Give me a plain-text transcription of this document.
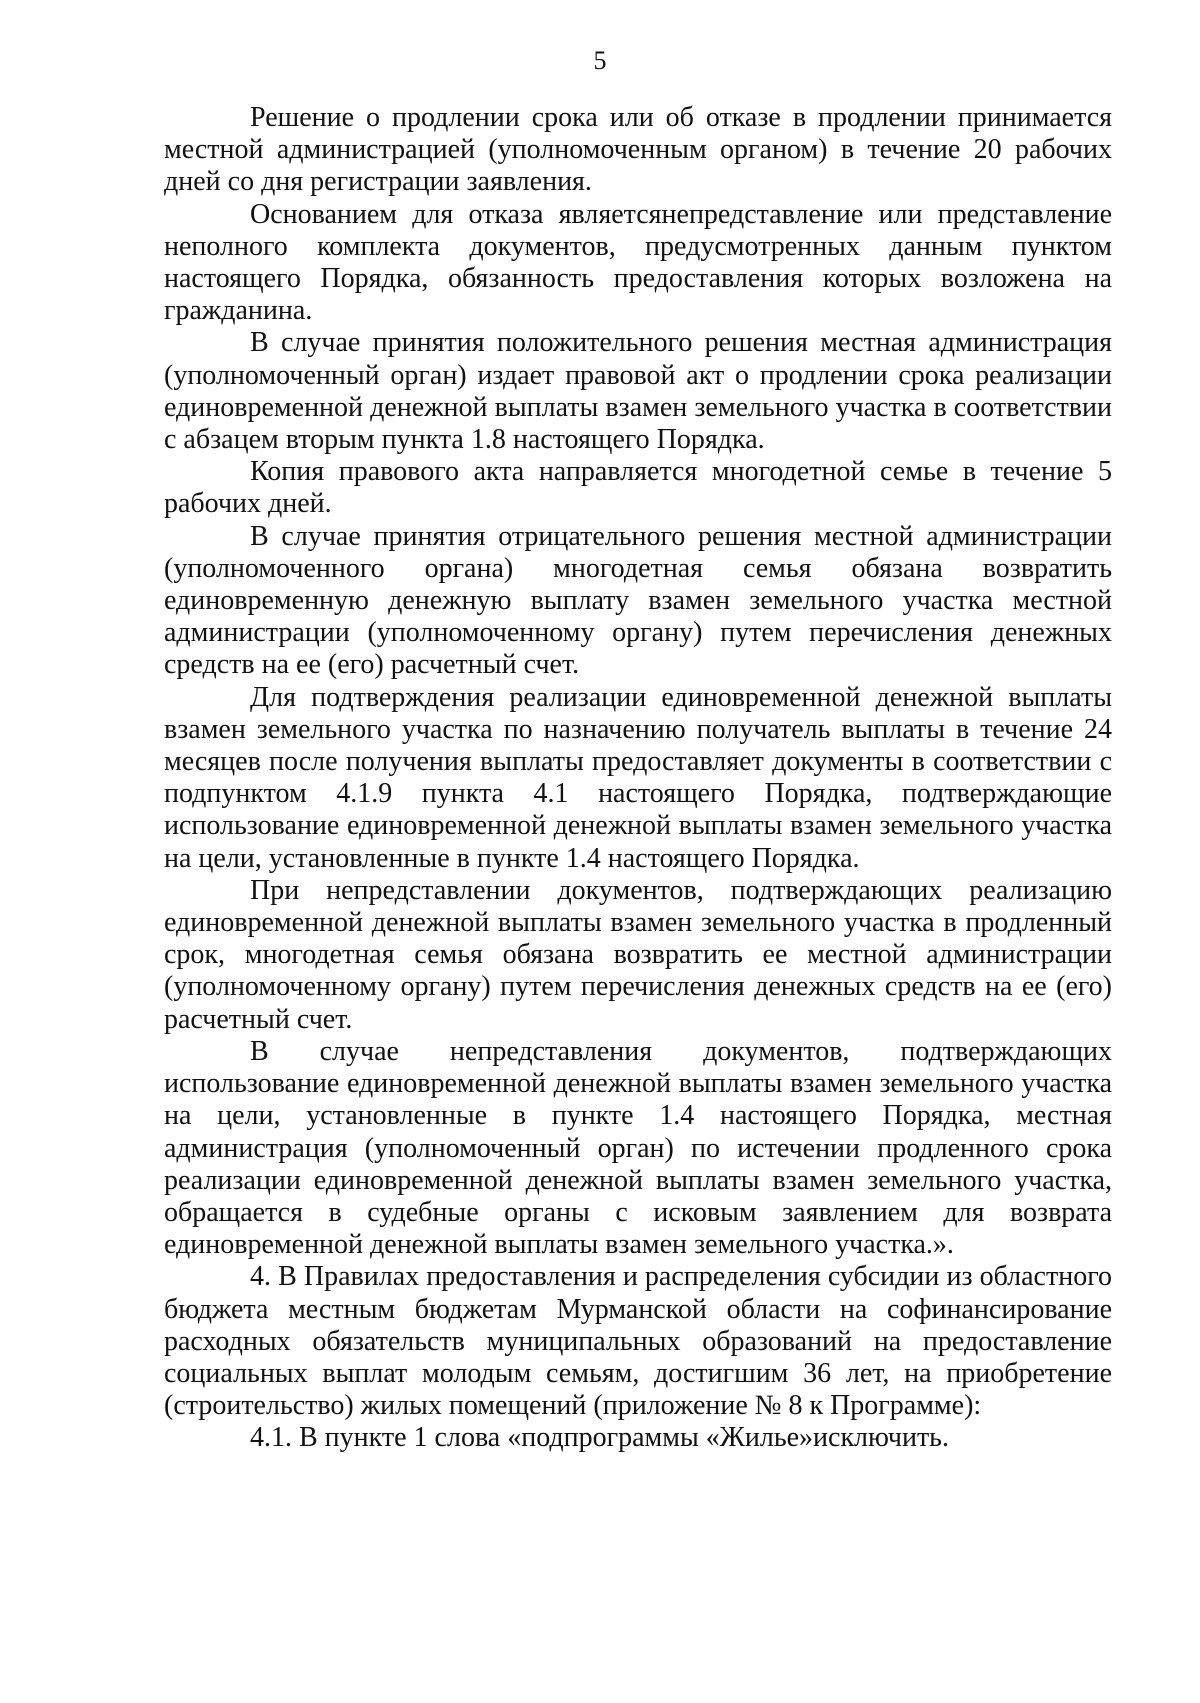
5

Решение о продлении срока или об отказе в продлении принимается местной администрацией (уполномоченным органом) в течение 20 рабочих дней со дня регистрации заявления.

Основанием для отказа являетсянепредставление или представление неполного комплекта документов, предусмотренных данным пунктом настоящего Порядка, обязанность предоставления которых возложена на гражданина.

В случае принятия положительного решения местная администрация (уполномоченный орган) издает правовой акт о продлении срока реализации единовременной денежной выплаты взамен земельного участка в соответствии с абзацем вторым пункта 1.8 настоящего Порядка.

Копия правового акта направляется многодетной семье в течение 5 рабочих дней.

В случае принятия отрицательного решения местной администрации (уполномоченного органа) многодетная семья обязана возвратить единовременную денежную выплату взамен земельного участка местной администрации (уполномоченному органу) путем перечисления денежных средств на ее (его) расчетный счет.

Для подтверждения реализации единовременной денежной выплаты взамен земельного участка по назначению получатель выплаты в течение 24 месяцев после получения выплаты предоставляет документы в соответствии с подпунктом 4.1.9 пункта 4.1 настоящего Порядка, подтверждающие использование единовременной денежной выплаты взамен земельного участка на цели, установленные в пункте 1.4 настоящего Порядка.

При непредставлении документов, подтверждающих реализацию единовременной денежной выплаты взамен земельного участка в продленный срок, многодетная семья обязана возвратить ее местной администрации (уполномоченному органу) путем перечисления денежных средств на ее (его) расчетный счет.

В случае непредставления документов, подтверждающих использование единовременной денежной выплаты взамен земельного участка на цели, установленные в пункте 1.4 настоящего Порядка, местная администрация (уполномоченный орган) по истечении продленного срока реализации единовременной денежной выплаты взамен земельного участка, обращается в судебные органы с исковым заявлением для возврата единовременной денежной выплаты взамен земельного участка.».

4. В Правилах предоставления и распределения субсидии из областного бюджета местным бюджетам Мурманской области на софинансирование расходных обязательств муниципальных образований на предоставление социальных выплат молодым семьям, достигшим 36 лет, на приобретение (строительство) жилых помещений (приложение № 8 к Программе):

4.1. В пункте 1 слова «подпрограммы «Жилье»исключить.
